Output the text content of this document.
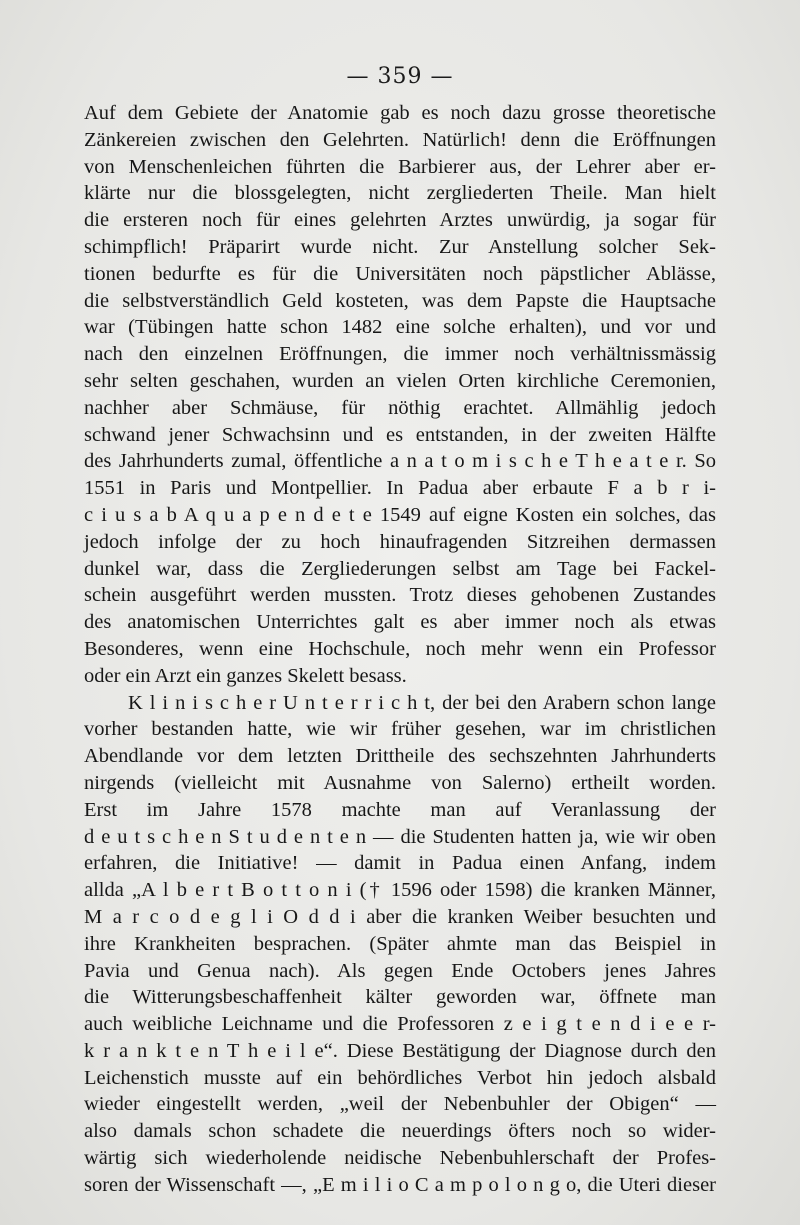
— 359 —
Auf dem Gebiete der Anatomie gab es noch dazu grosse theoretische
Zänkereien zwischen den Gelehrten. Natürlich! denn die Eröffnungen
von Menschenleichen führten die Barbierer aus, der Lehrer aber er-
klärte nur die blossgelegten, nicht zergliederten Theile. Man hielt
die ersteren noch für eines gelehrten Arztes unwürdig, ja sogar für
schimpflich! Präparirt wurde nicht. Zur Anstellung solcher Sek-
tionen bedurfte es für die Universitäten noch päpstlicher Ablässe,
die selbstverständlich Geld kosteten, was dem Papste die Hauptsache
war (Tübingen hatte schon 1482 eine solche erhalten), und vor und
nach den einzelnen Eröffnungen, die immer noch verhältnissmässig
sehr selten geschahen, wurden an vielen Orten kirchliche Ceremonien,
nachher aber Schmäuse, für nöthig erachtet. Allmählig jedoch
schwand jener Schwachsinn und es entstanden, in der zweiten Hälfte
des Jahrhunderts zumal, öffentliche a n a t o m i s c h e T h e a t e r. So
1551 in Paris und Montpellier. In Padua aber erbaute F a b r i-
c i u s a b A q u a p e n d e t e 1549 auf eigne Kosten ein solches, das
jedoch infolge der zu hoch hinaufragenden Sitzreihen dermassen
dunkel war, dass die Zergliederungen selbst am Tage bei Fackel-
schein ausgeführt werden mussten. Trotz dieses gehobenen Zustandes
des anatomischen Unterrichtes galt es aber immer noch als etwas
Besonderes, wenn eine Hochschule, noch mehr wenn ein Professor
oder ein Arzt ein ganzes Skelett besass.
K l i n i s c h e r U n t e r r i c h t, der bei den Arabern schon lange
vorher bestanden hatte, wie wir früher gesehen, war im christlichen
Abendlande vor dem letzten Drittheile des sechszehnten Jahrhunderts
nirgends (vielleicht mit Ausnahme von Salerno) ertheilt worden.
Erst im Jahre 1578 machte man auf Veranlassung der
d e u t s c h e n S t u d e n t e n — die Studenten hatten ja, wie wir oben
erfahren, die Initiative! — damit in Padua einen Anfang, indem
allda „A l b e r t B o t t o n i († 1596 oder 1598) die kranken Männer,
M a r c o d e g l i O d d i aber die kranken Weiber besuchten und
ihre Krankheiten besprachen. (Später ahmte man das Beispiel in
Pavia und Genua nach). Als gegen Ende Octobers jenes Jahres
die Witterungsbeschaffenheit kälter geworden war, öffnete man
auch weibliche Leichname und die Professoren z e i g t e n d i e e r-
k r a n k t e n T h e i l e“. Diese Bestätigung der Diagnose durch den
Leichenstich musste auf ein behördliches Verbot hin jedoch alsbald
wieder eingestellt werden, „weil der Nebenbuhler der Obigen“ —
also damals schon schadete die neuerdings öfters noch so wider-
wärtig sich wiederholende neidische Nebenbuhlerschaft der Profes-
soren der Wissenschaft —, „E m i l i o C a m p o l o n g o, die Uteri dieser
